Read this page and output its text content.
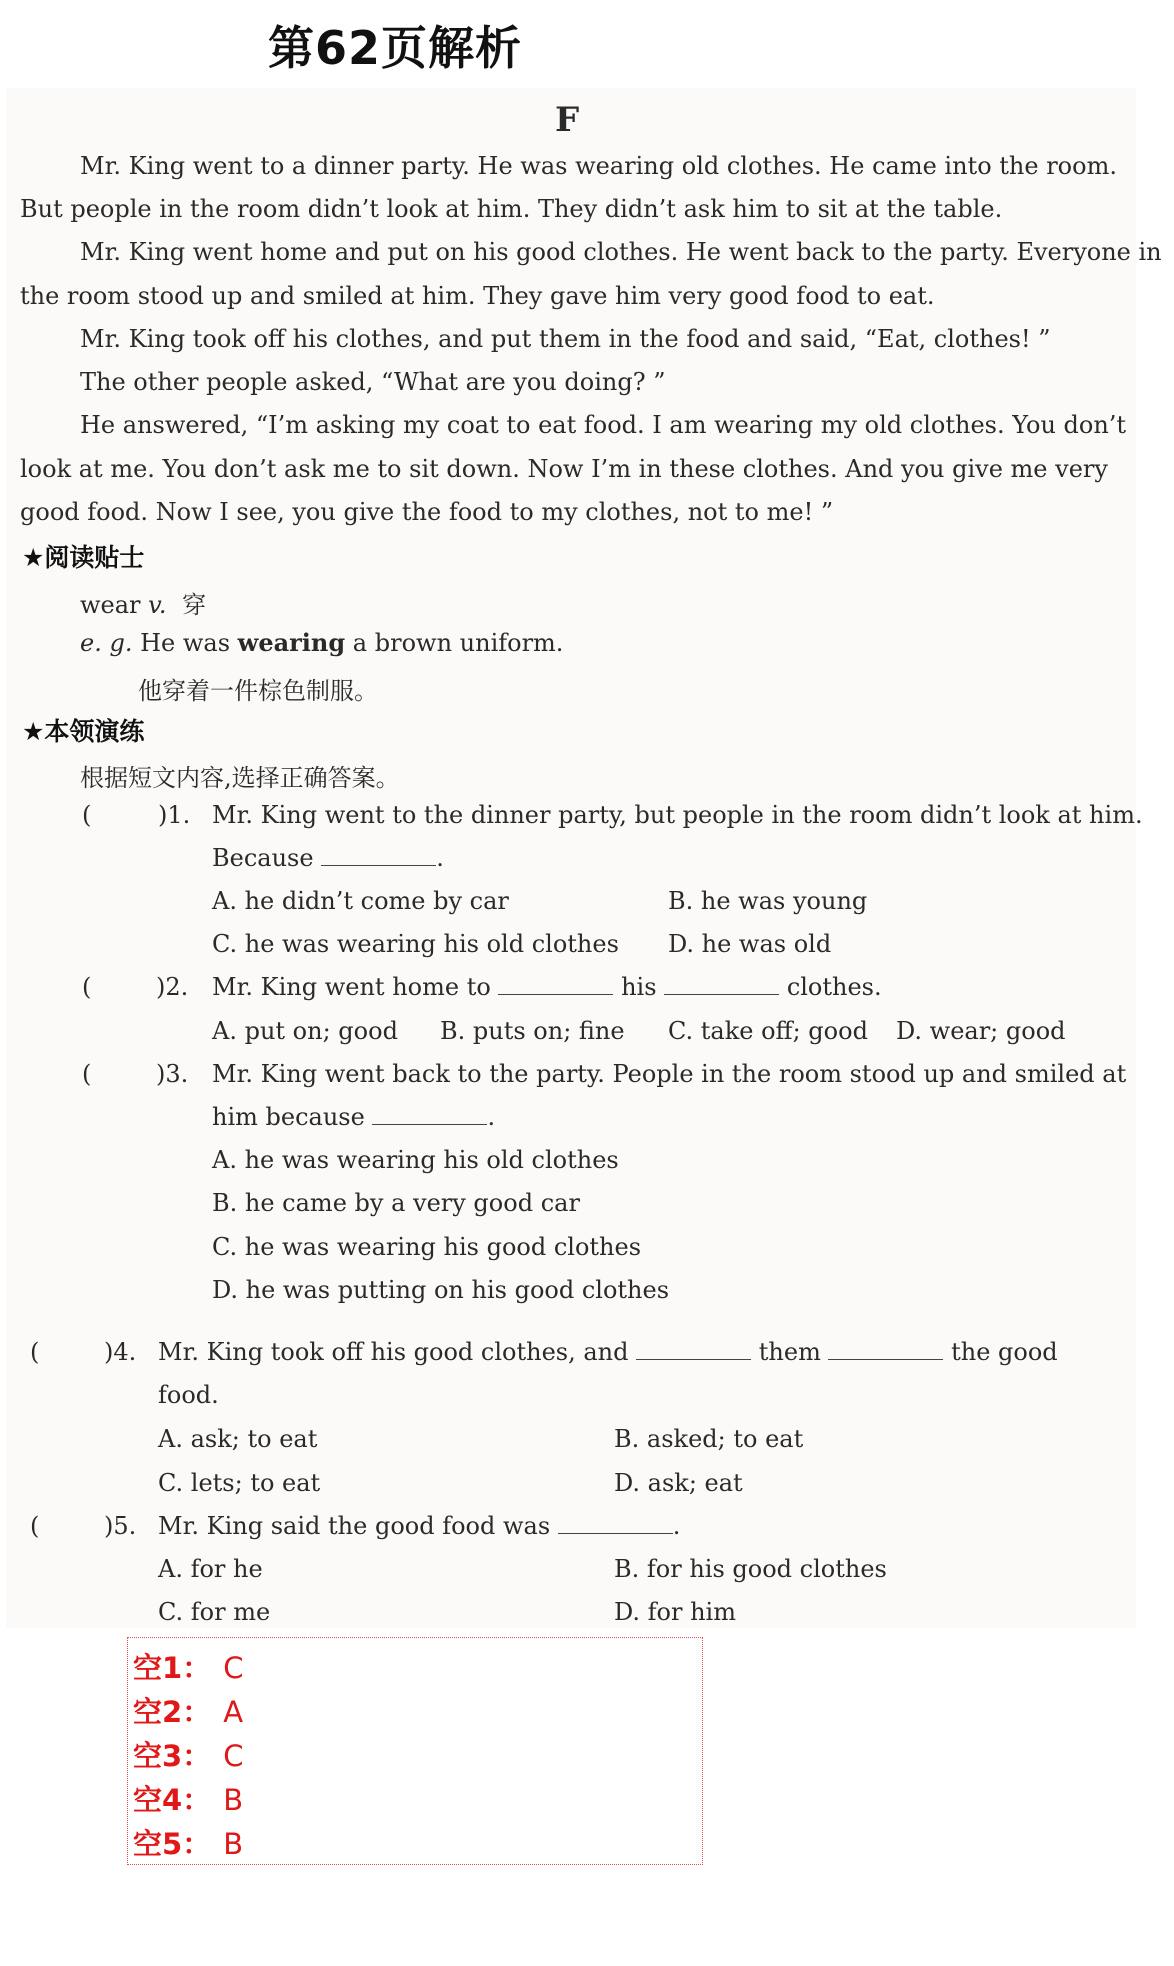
第62页解析
F
Mr. King went to a dinner party. He was wearing old clothes. He came into the room.
But people in the room didn’t look at him. They didn’t ask him to sit at the table.
Mr. King went home and put on his good clothes. He went back to the party. Everyone in
the room stood up and smiled at him. They gave him very good food to eat.
Mr. King took off his clothes, and put them in the food and said, “Eat, clothes! ”
The other people asked, “What are you doing? ”
He answered, “I’m asking my coat to eat food. I am wearing my old clothes. You don’t
look at me. You don’t ask me to sit down. Now I’m in these clothes. And you give me very
good food. Now I see, you give the food to my clothes, not to me! ”
★阅读贴士
wear v. 穿
e. g. He was wearing a brown uniform.
他穿着一件棕色制服。
★本领演练
根据短文内容,选择正确答案。
(	)1. Mr. King went to the dinner party, but people in the room didn’t look at him.
Because	.
A. he didn’t come by car	B. he was young
C. he was wearing his old clothes D. he was old
(	)2. Mr. King went home to	his	clothes.
A. put on; good B. puts on; fine C. take off; good D. wear; good
(	)3. Mr. King went back to the party. People in the room stood up and smiled at
him because	.
A. he was wearing his old clothes
B. he came by a very good car
C. he was wearing his good clothes
D. he was putting on his good clothes
(	)4. Mr. King took off his good clothes, and	them	the good
food.
A. ask; to eat	B. asked; to eat
C. lets; to eat	D. ask; eat
(	)5. Mr. King said the good food was	.
A. for he	B. for his good clothes
C. for me	D. for him
空1： C
空2： A
空3： C
空4： B
空5： B
